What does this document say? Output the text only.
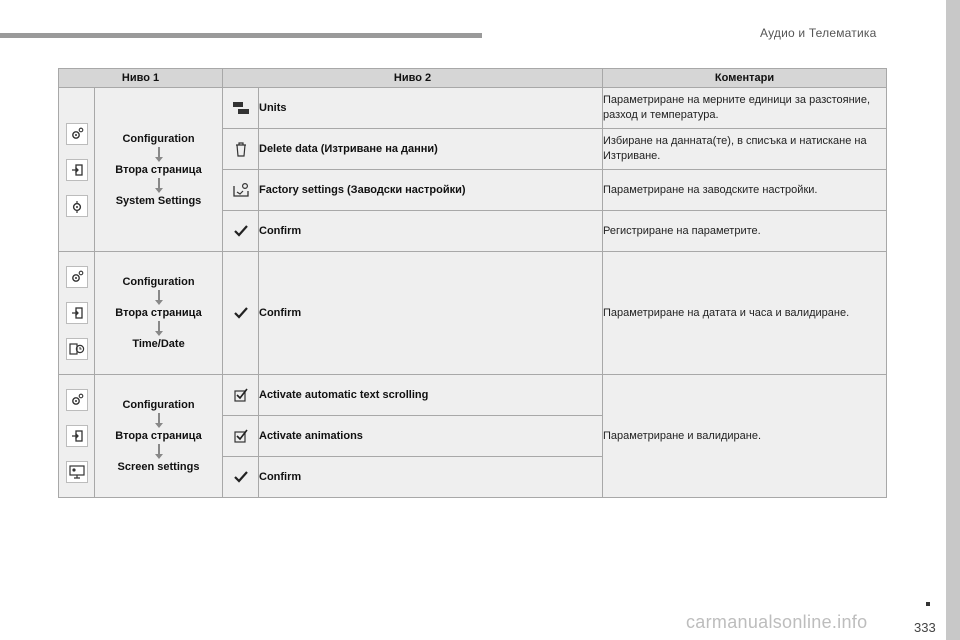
Аудио и Телематика
Ниво 1		Ниво 2		Коментари

Configuration
Втора страница
System Settings		Units	Параметриране на мерните единици за разстояние, разход и температура.

	Delete data (Изтриване на данни)	Избиране на данната(те), в списъка и натискане на Изтриване.

	Factory settings (Заводски настройки)	Параметриране на заводските настройки.

	Confirm	Регистриране на параметрите.

Configuration
Втора страница
Time/Date		Confirm	Параметриране на датата и часа и валидиране.

Configuration
Втора страница
Screen settings		Activate automatic text scrolling	Параметриране и валидиране.

	Activate animations	

	Confirm	
333
carmanualsonline.info
